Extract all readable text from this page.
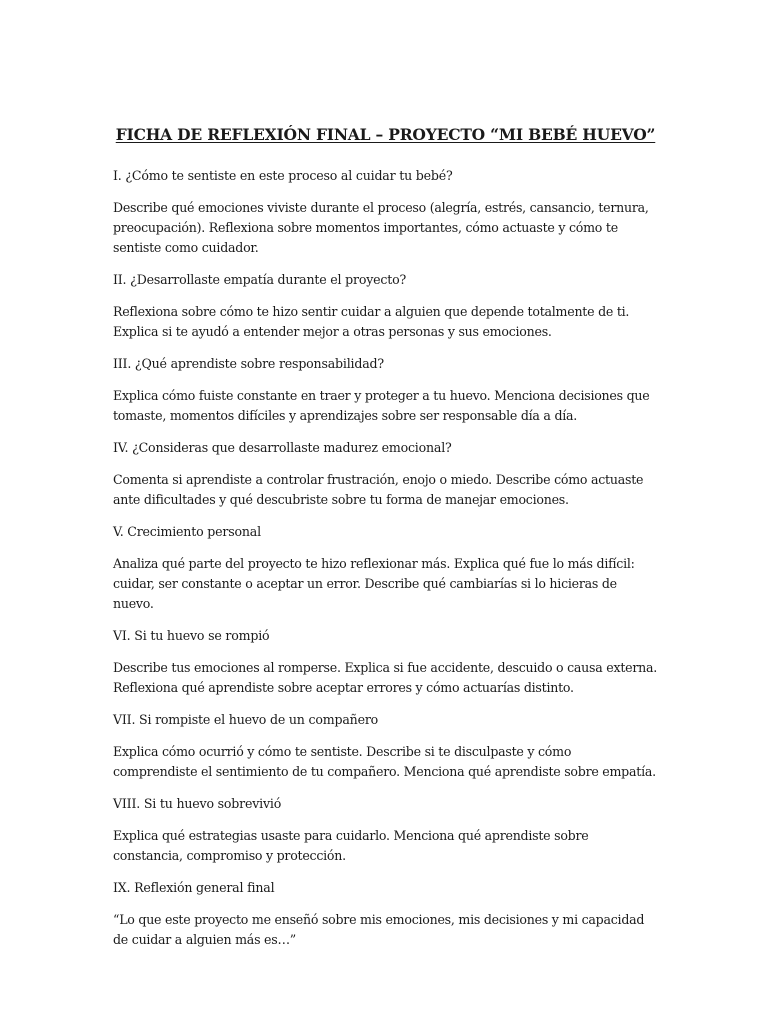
FICHA DE REFLEXIÓN FINAL – PROYECTO “MI BEBÉ HUEVO”

I. ¿Cómo te sentiste en este proceso al cuidar tu bebé?

Describe qué emociones viviste durante el proceso (alegría, estrés, cansancio, ternura, preocupación). Reflexiona sobre momentos importantes, cómo actuaste y cómo te sentiste como cuidador.

II. ¿Desarrollaste empatía durante el proyecto?

Reflexiona sobre cómo te hizo sentir cuidar a alguien que depende totalmente de ti. Explica si te ayudó a entender mejor a otras personas y sus emociones.

III. ¿Qué aprendiste sobre responsabilidad?

Explica cómo fuiste constante en traer y proteger a tu huevo. Menciona decisiones que tomaste, momentos difíciles y aprendizajes sobre ser responsable día a día.

IV. ¿Consideras que desarrollaste madurez emocional?

Comenta si aprendiste a controlar frustración, enojo o miedo. Describe cómo actuaste ante dificultades y qué descubriste sobre tu forma de manejar emociones.

V. Crecimiento personal

Analiza qué parte del proyecto te hizo reflexionar más. Explica qué fue lo más difícil: cuidar, ser constante o aceptar un error. Describe qué cambiarías si lo hicieras de nuevo.

VI. Si tu huevo se rompió

Describe tus emociones al romperse. Explica si fue accidente, descuido o causa externa. Reflexiona qué aprendiste sobre aceptar errores y cómo actuarías distinto.

VII. Si rompiste el huevo de un compañero

Explica cómo ocurrió y cómo te sentiste. Describe si te disculpaste y cómo comprendiste el sentimiento de tu compañero. Menciona qué aprendiste sobre empatía.

VIII. Si tu huevo sobrevivió

Explica qué estrategias usaste para cuidarlo. Menciona qué aprendiste sobre constancia, compromiso y protección.

IX. Reflexión general final

“Lo que este proyecto me enseñó sobre mis emociones, mis decisiones y mi capacidad de cuidar a alguien más es…”
